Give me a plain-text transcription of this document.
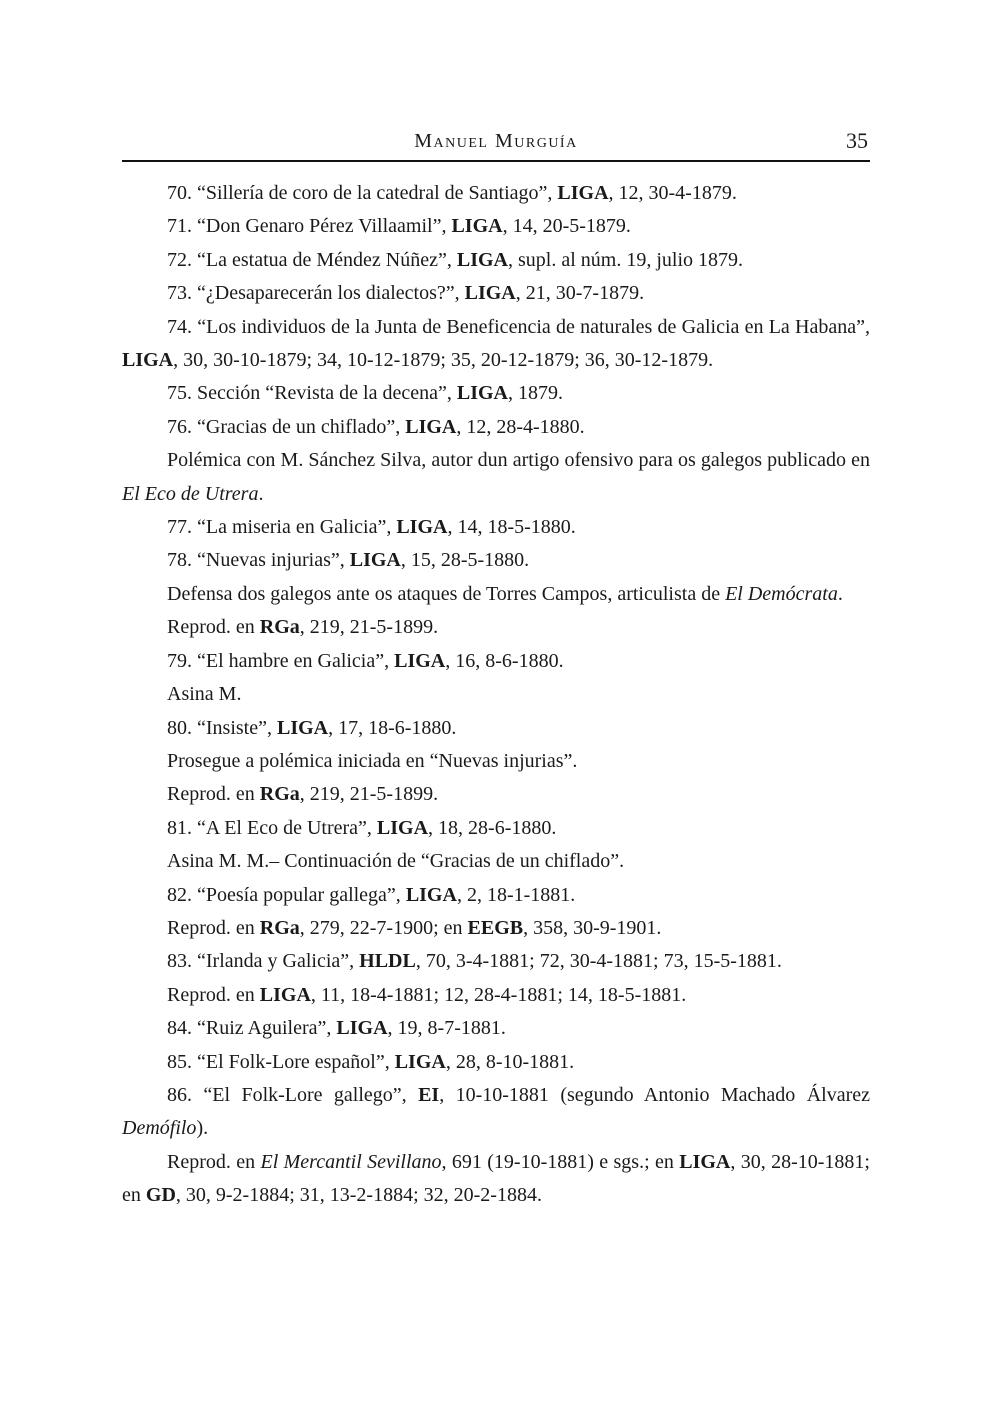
Manuel Murguía	35

70. “Sillería de coro de la catedral de Santiago”, LIGA, 12, 30-4-1879.

71. “Don Genaro Pérez Villaamil”, LIGA, 14, 20-5-1879.

72. “La estatua de Méndez Núñez”, LIGA, supl. al núm. 19, julio 1879.

73. “¿Desaparecerán los dialectos?”, LIGA, 21, 30-7-1879.

74. “Los individuos de la Junta de Beneficencia de naturales de Galicia en La Habana”, LIGA, 30, 30-10-1879; 34, 10-12-1879; 35, 20-12-1879; 36, 30-12-1879.

75. Sección “Revista de la decena”, LIGA, 1879.

76. “Gracias de un chiflado”, LIGA, 12, 28-4-1880.

Polémica con M. Sánchez Silva, autor dun artigo ofensivo para os galegos publicado en El Eco de Utrera.

77. “La miseria en Galicia”, LIGA, 14, 18-5-1880.

78. “Nuevas injurias”, LIGA, 15, 28-5-1880.

Defensa dos galegos ante os ataques de Torres Campos, articulista de El Demócrata.

Reprod. en RGa, 219, 21-5-1899.

79. “El hambre en Galicia”, LIGA, 16, 8-6-1880.

Asina M.

80. “Insiste”, LIGA, 17, 18-6-1880.

Prosegue a polémica iniciada en “Nuevas injurias”.

Reprod. en RGa, 219, 21-5-1899.

81. “A El Eco de Utrera”, LIGA, 18, 28-6-1880.

Asina M. M.– Continuación de “Gracias de un chiflado”.

82. “Poesía popular gallega”, LIGA, 2, 18-1-1881.

Reprod. en RGa, 279, 22-7-1900; en EEGB, 358, 30-9-1901.

83. “Irlanda y Galicia”, HLDL, 70, 3-4-1881; 72, 30-4-1881; 73, 15-5-1881.

Reprod. en LIGA, 11, 18-4-1881; 12, 28-4-1881; 14, 18-5-1881.

84. “Ruiz Aguilera”, LIGA, 19, 8-7-1881.

85. “El Folk-Lore español”, LIGA, 28, 8-10-1881.

86. “El Folk-Lore gallego”, EI, 10-10-1881 (segundo Antonio Machado Álvarez Demófilo).

Reprod. en El Mercantil Sevillano, 691 (19-10-1881) e sgs.; en LIGA, 30, 28-10-1881; en GD, 30, 9-2-1884; 31, 13-2-1884; 32, 20-2-1884.
